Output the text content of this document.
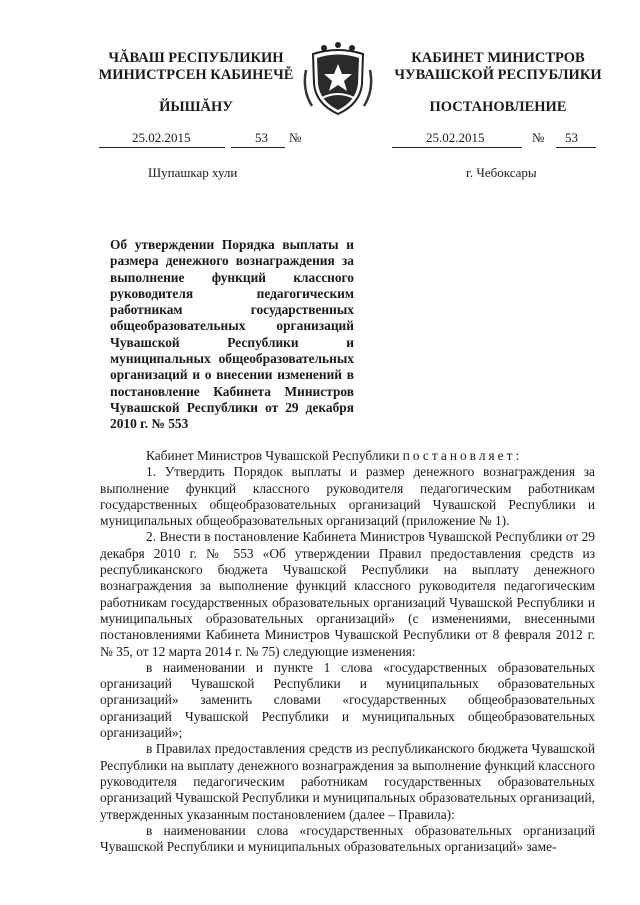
ЧĂВАШ РЕСПУБЛИКИН
МИНИСТРСЕН КАБИНЕЧĚ
ЙЫШĂНУ
КАБИНЕТ МИНИСТРОВ
ЧУВАШСКОЙ РЕСПУБЛИКИ
ПОСТАНОВЛЕНИЕ
25.02.2015	53 №	25.02.2015	№ 53
Шупашкар хули	г. Чебоксары
Об утверждении Порядка выплаты и размера денежного вознаграждения за выполнение функций классного руководителя педагогическим работникам государственных общеобразовательных организаций Чувашской Республики и муниципальных общеобразовательных организаций и о внесении изменений в постановление Кабинета Министров Чувашской Республики от 29 декабря 2010 г. № 553

Кабинет Министров Чувашской Республики постановляет:

1. Утвердить Порядок выплаты и размер денежного вознаграждения за выполнение функций классного руководителя педагогическим работникам государственных общеобразовательных организаций Чувашской Республики и муниципальных общеобразовательных организаций (приложение № 1).

2. Внести в постановление Кабинета Министров Чувашской Республики от 29 декабря 2010 г. № 553 «Об утверждении Правил предоставления средств из республиканского бюджета Чувашской Республики на выплату денежного вознаграждения за выполнение функций классного руководителя педагогическим работникам государственных образовательных организаций Чувашской Республики и муниципальных образовательных организаций» (с изменениями, внесенными постановлениями Кабинета Министров Чувашской Республики от 8 февраля 2012 г. № 35, от 12 марта 2014 г. № 75) следующие изменения:

в наименовании и пункте 1 слова «государственных образовательных организаций Чувашской Республики и муниципальных образовательных организаций» заменить словами «государственных общеобразовательных организаций Чувашской Республики и муниципальных общеобразовательных организаций»;

в Правилах предоставления средств из республиканского бюджета Чувашской Республики на выплату денежного вознаграждения за выполнение функций классного руководителя педагогическим работникам государственных образовательных организаций Чувашской Республики и муниципальных образовательных организаций, утвержденных указанным постановлением (далее – Правила):

в наименовании слова «государственных образовательных организаций Чувашской Республики и муниципальных образовательных организаций» заме-
